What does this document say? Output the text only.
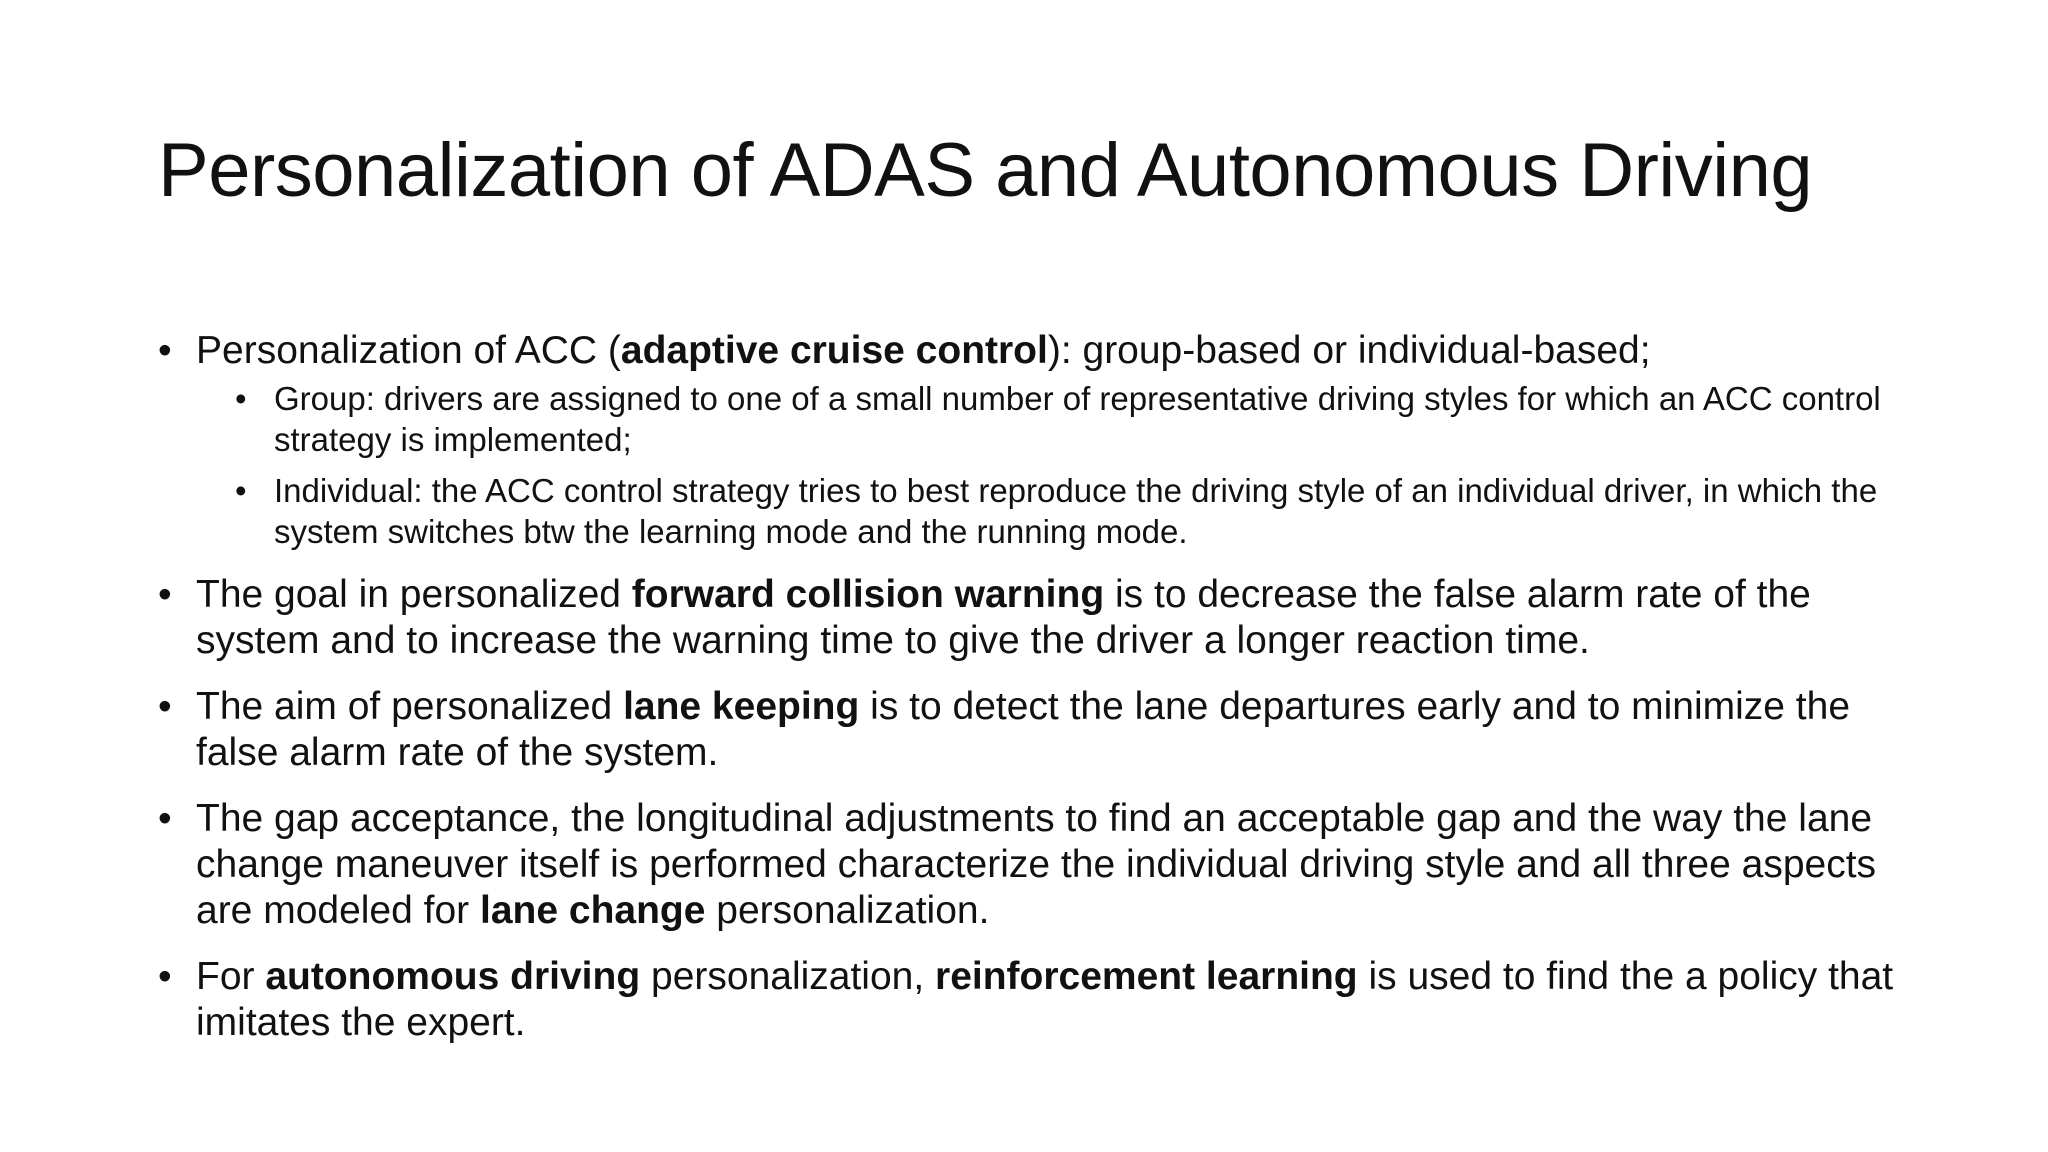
Personalization of ADAS and Autonomous Driving
• Personalization of ACC (adaptive cruise control): group-based or individual-based;
• Group: drivers are assigned to one of a small number of representative driving styles for which an ACC control strategy is implemented;
• Individual: the ACC control strategy tries to best reproduce the driving style of an individual driver, in which the system switches btw the learning mode and the running mode.
• The goal in personalized forward collision warning is to decrease the false alarm rate of the system and to increase the warning time to give the driver a longer reaction time.
• The aim of personalized lane keeping is to detect the lane departures early and to minimize the false alarm rate of the system.
• The gap acceptance, the longitudinal adjustments to find an acceptable gap and the way the lane change maneuver itself is performed characterize the individual driving style and all three aspects are modeled for lane change personalization.
• For autonomous driving personalization, reinforcement learning is used to find the a policy that imitates the expert.
